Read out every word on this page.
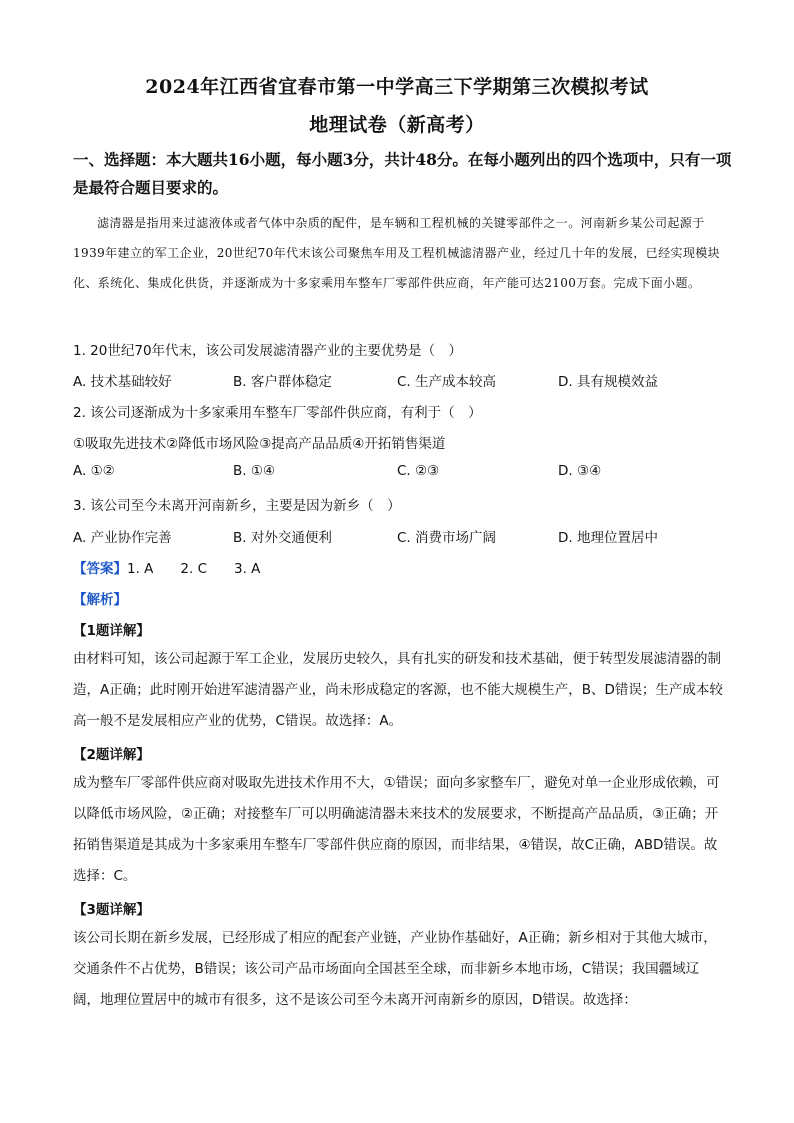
2024年江西省宜春市第一中学高三下学期第三次模拟考试
地理试卷（新高考）
一、选择题：本大题共16小题，每小题3分，共计48分。在每小题列出的四个选项中，只有一项是最符合题目要求的。
滤清器是指用来过滤液体或者气体中杂质的配件，是车辆和工程机械的关键零部件之一。河南新乡某公司起源于1939年建立的军工企业，20世纪70年代末该公司聚焦车用及工程机械滤清器产业，经过几十年的发展，已经实现模块化、系统化、集成化供货，并逐渐成为十多家乘用车整车厂零部件供应商，年产能可达2100万套。完成下面小题。
1. 20世纪70年代末，该公司发展滤清器产业的主要优势是（　）
A. 技术基础较好	B. 客户群体稳定	C. 生产成本较高	D. 具有规模效益
2. 该公司逐渐成为十多家乘用车整车厂零部件供应商，有利于（　）
①吸取先进技术②降低市场风险③提高产品品质④开拓销售渠道
A. ①②	B. ①④	C. ②③	D. ③④
3. 该公司至今未离开河南新乡，主要是因为新乡（　）
A. 产业协作完善	B. 对外交通便利	C. 消费市场广阔	D. 地理位置居中
【答案】1. A　　2. C　　3. A
【解析】
【1题详解】
由材料可知，该公司起源于军工企业，发展历史较久，具有扎实的研发和技术基础，便于转型发展滤清器的制造，A正确；此时刚开始进军滤清器产业，尚未形成稳定的客源，也不能大规模生产，B、D错误；生产成本较高一般不是发展相应产业的优势，C错误。故选择：A。
【2题详解】
成为整车厂零部件供应商对吸取先进技术作用不大，①错误；面向多家整车厂，避免对单一企业形成依赖，可以降低市场风险，②正确；对接整车厂可以明确滤清器未来技术的发展要求，不断提高产品品质，③正确；开拓销售渠道是其成为十多家乘用车整车厂零部件供应商的原因，而非结果，④错误，故C正确，ABD错误。故选择：C。
【3题详解】
该公司长期在新乡发展，已经形成了相应的配套产业链，产业协作基础好，A正确；新乡相对于其他大城市，交通条件不占优势，B错误；该公司产品市场面向全国甚至全球，而非新乡本地市场，C错误；我国疆域辽阔，地理位置居中的城市有很多，这不是该公司至今未离开河南新乡的原因，D错误。故选择：
